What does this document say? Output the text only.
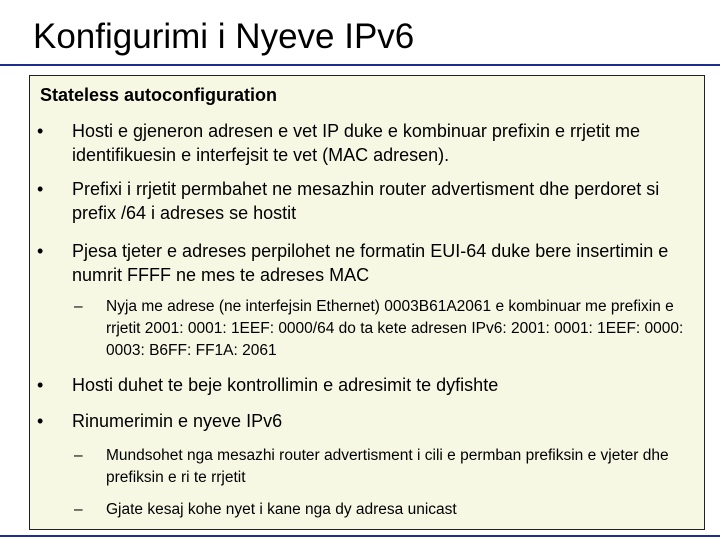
Konfigurimi i Nyeve IPv6
Stateless autoconfiguration

• Hosti e gjeneron adresen e vet IP duke e kombinuar prefixin e rrjetit me identifikuesin e interfejsit te vet (MAC adresen).

• Prefixi i rrjetit permbahet ne mesazhin router advertisment dhe perdoret si prefix /64 i adreses se hostit

• Pjesa tjeter e adreses perpilohet ne formatin EUI-64 duke bere insertimin e numrit FFFF ne mes te adreses MAC

– Nyja me adrese (ne interfejsin Ethernet) 0003B61A2061 e kombinuar me prefixin e rrjetit 2001: 0001: 1EEF: 0000/64 do ta kete adresen IPv6: 2001: 0001: 1EEF: 0000: 0003: B6FF: FF1A: 2061

• Hosti duhet te beje kontrollimin e adresimit te dyfishte

• Rinumerimin e nyeve IPv6

– Mundsohet nga mesazhi router advertisment i cili e permban prefiksin e vjeter dhe prefiksin e ri te rrjetit

– Gjate kesaj kohe nyet i kane nga dy adresa unicast
